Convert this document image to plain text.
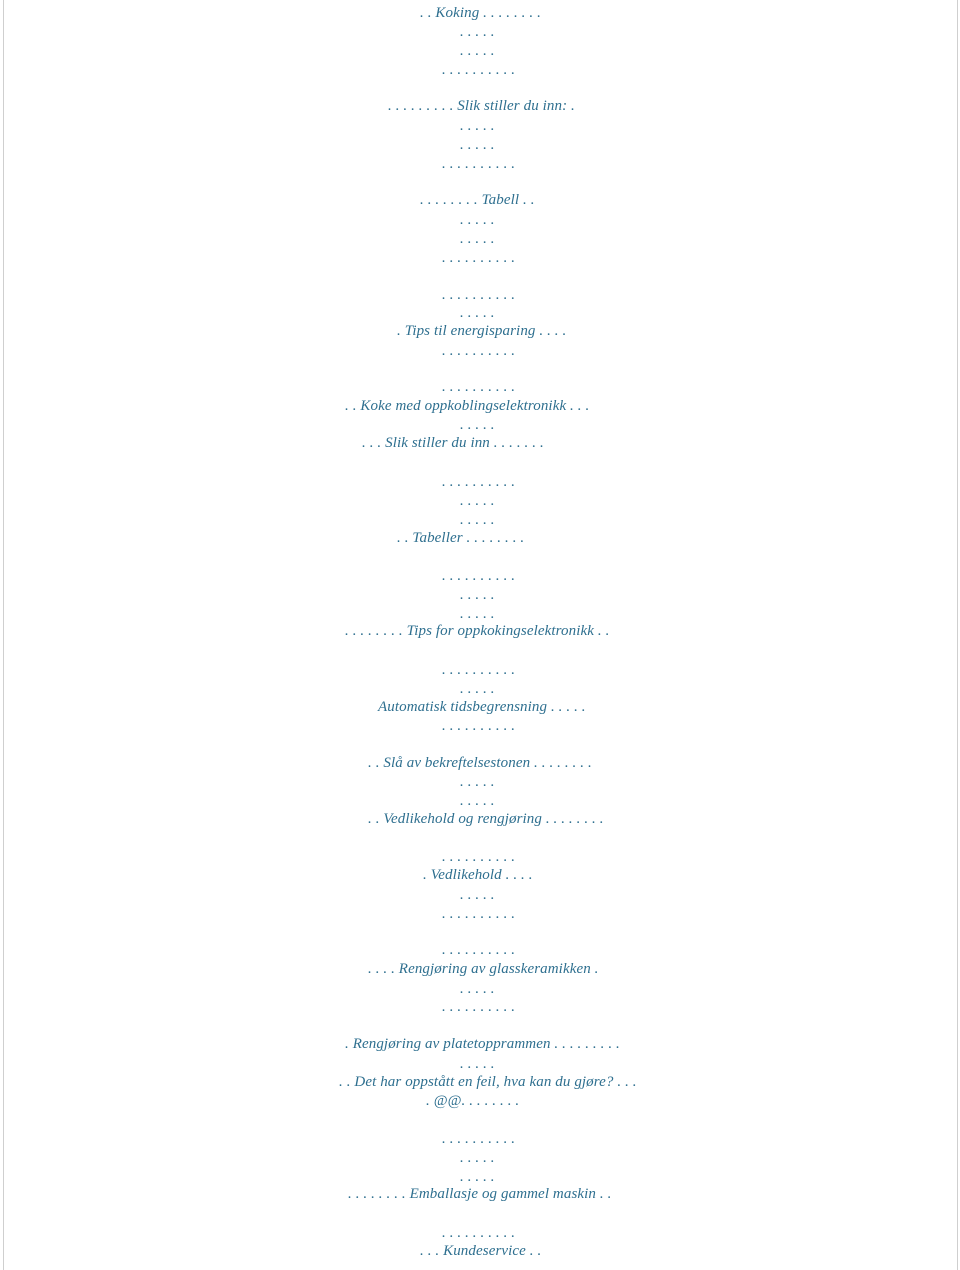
. . Koking . . . . . . . .
. . . . .
. . . . .
. . . . . . . . . .
. . . . . . . . . Slik stiller du inn: .
. . . . .
. . . . .
. . . . . . . . . .
. . . . . . . . Tabell . .
. . . . .
. . . . .
. . . . . . . . . .
. . . . . . . . . .
. . . . .
. Tips til energisparing . . . .
. . . . . . . . . .
. . . . . . . . . .
. . Koke med oppkoblingselektronikk . . .
. . . . .
. . . Slik stiller du inn . . . . . . .
. . . . . . . . . .
. . . . .
. . . . .
. . Tabeller . . . . . . . .
. . . . . . . . . .
. . . . .
. . . . .
. . . . . . . . Tips for oppkokingselektronikk . .
. . . . . . . . . .
. . . . .
Automatisk tidsbegrensning . . . . .
. . . . . . . . . .
. . Slå av bekreftelsestonen . . . . . . . .
. . . . .
. . . . .
. . Vedlikehold og rengjøring . . . . . . . .
. . . . . . . . . .
. Vedlikehold . . . .
. . . . .
. . . . . . . . . .
. . . . . . . . . .
. . . . Rengjøring av glasskeramikken .
. . . . .
. . . . . . . . . .
. Rengjøring av platetopprammen . . . . . . . . .
. . . . .
. . Det har oppstått en feil, hva kan du gjøre? . . .
. @@. . . . . . . .
. . . . . . . . . .
. . . . .
. . . . .
. . . . . . . . Emballasje og gammel maskin . .
. . . . . . . . . .
. . . Kundeservice . .
